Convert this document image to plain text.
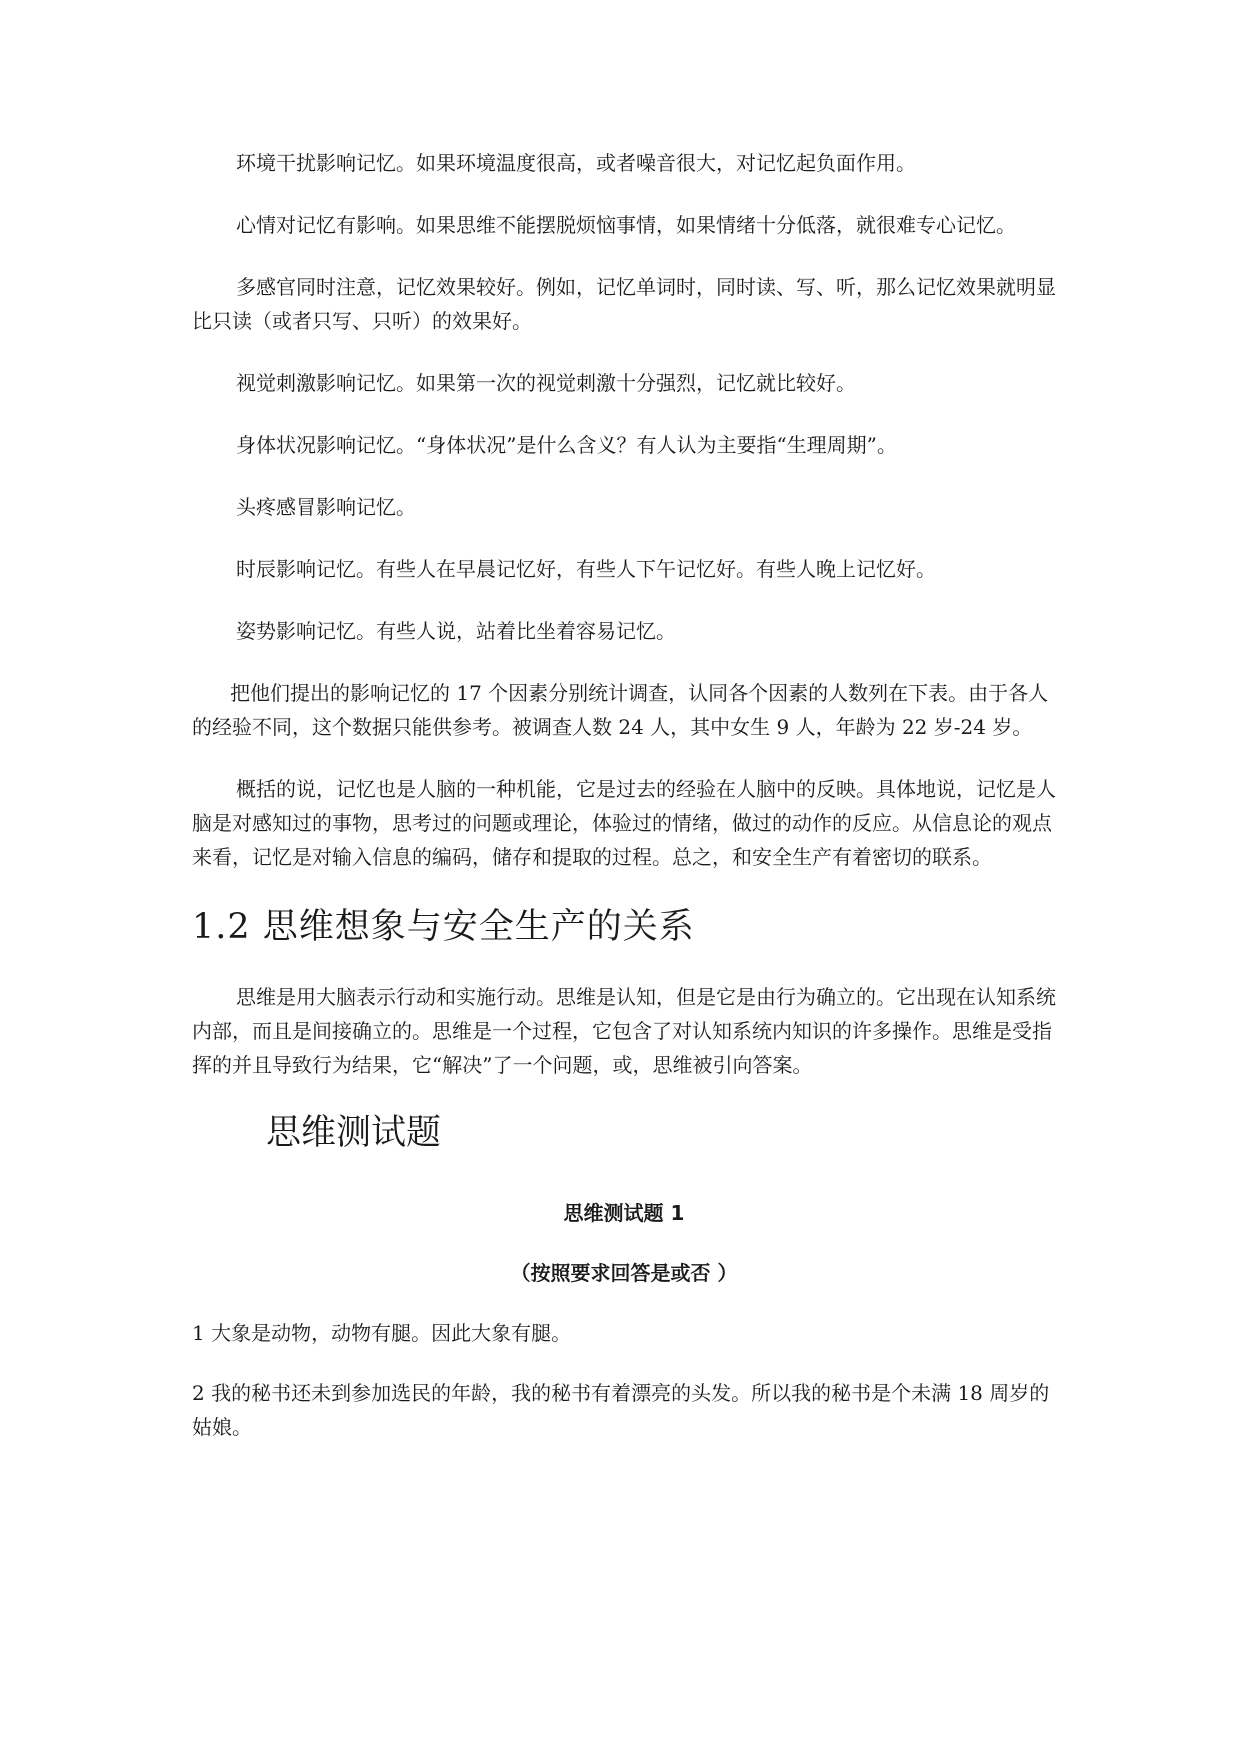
环境干扰影响记忆。如果环境温度很高，或者噪音很大，对记忆起负面作用。

心情对记忆有影响。如果思维不能摆脱烦恼事情，如果情绪十分低落，就很难专心记忆。

多感官同时注意，记忆效果较好。例如，记忆单词时，同时读、写、听，那么记忆效果就明显比只读（或者只写、只听）的效果好。

视觉刺激影响记忆。如果第一次的视觉刺激十分强烈，记忆就比较好。

身体状况影响记忆。“身体状况”是什么含义？有人认为主要指“生理周期”。

头疼感冒影响记忆。

时辰影响记忆。有些人在早晨记忆好，有些人下午记忆好。有些人晚上记忆好。

姿势影响记忆。有些人说，站着比坐着容易记忆。

把他们提出的影响记忆的 17 个因素分别统计调查，认同各个因素的人数列在下表。由于各人的经验不同，这个数据只能供参考。被调查人数 24 人，其中女生 9 人，年龄为 22 岁-24 岁。

概括的说，记忆也是人脑的一种机能，它是过去的经验在人脑中的反映。具体地说，记忆是人脑是对感知过的事物，思考过的问题或理论，体验过的情绪，做过的动作的反应。从信息论的观点来看，记忆是对输入信息的编码，储存和提取的过程。总之，和安全生产有着密切的联系。

1.2 思维想象与安全生产的关系

思维是用大脑表示行动和实施行动。思维是认知，但是它是由行为确立的。它出现在认知系统内部，而且是间接确立的。思维是一个过程，它包含了对认知系统内知识的许多操作。思维是受指挥的并且导致行为结果，它“解决”了一个问题，或，思维被引向答案。

思维测试题

思维测试题 1

（按照要求回答是或否 ）

1 大象是动物，动物有腿。因此大象有腿。

2 我的秘书还未到参加选民的年龄，我的秘书有着漂亮的头发。所以我的秘书是个未满 18 周岁的姑娘。
